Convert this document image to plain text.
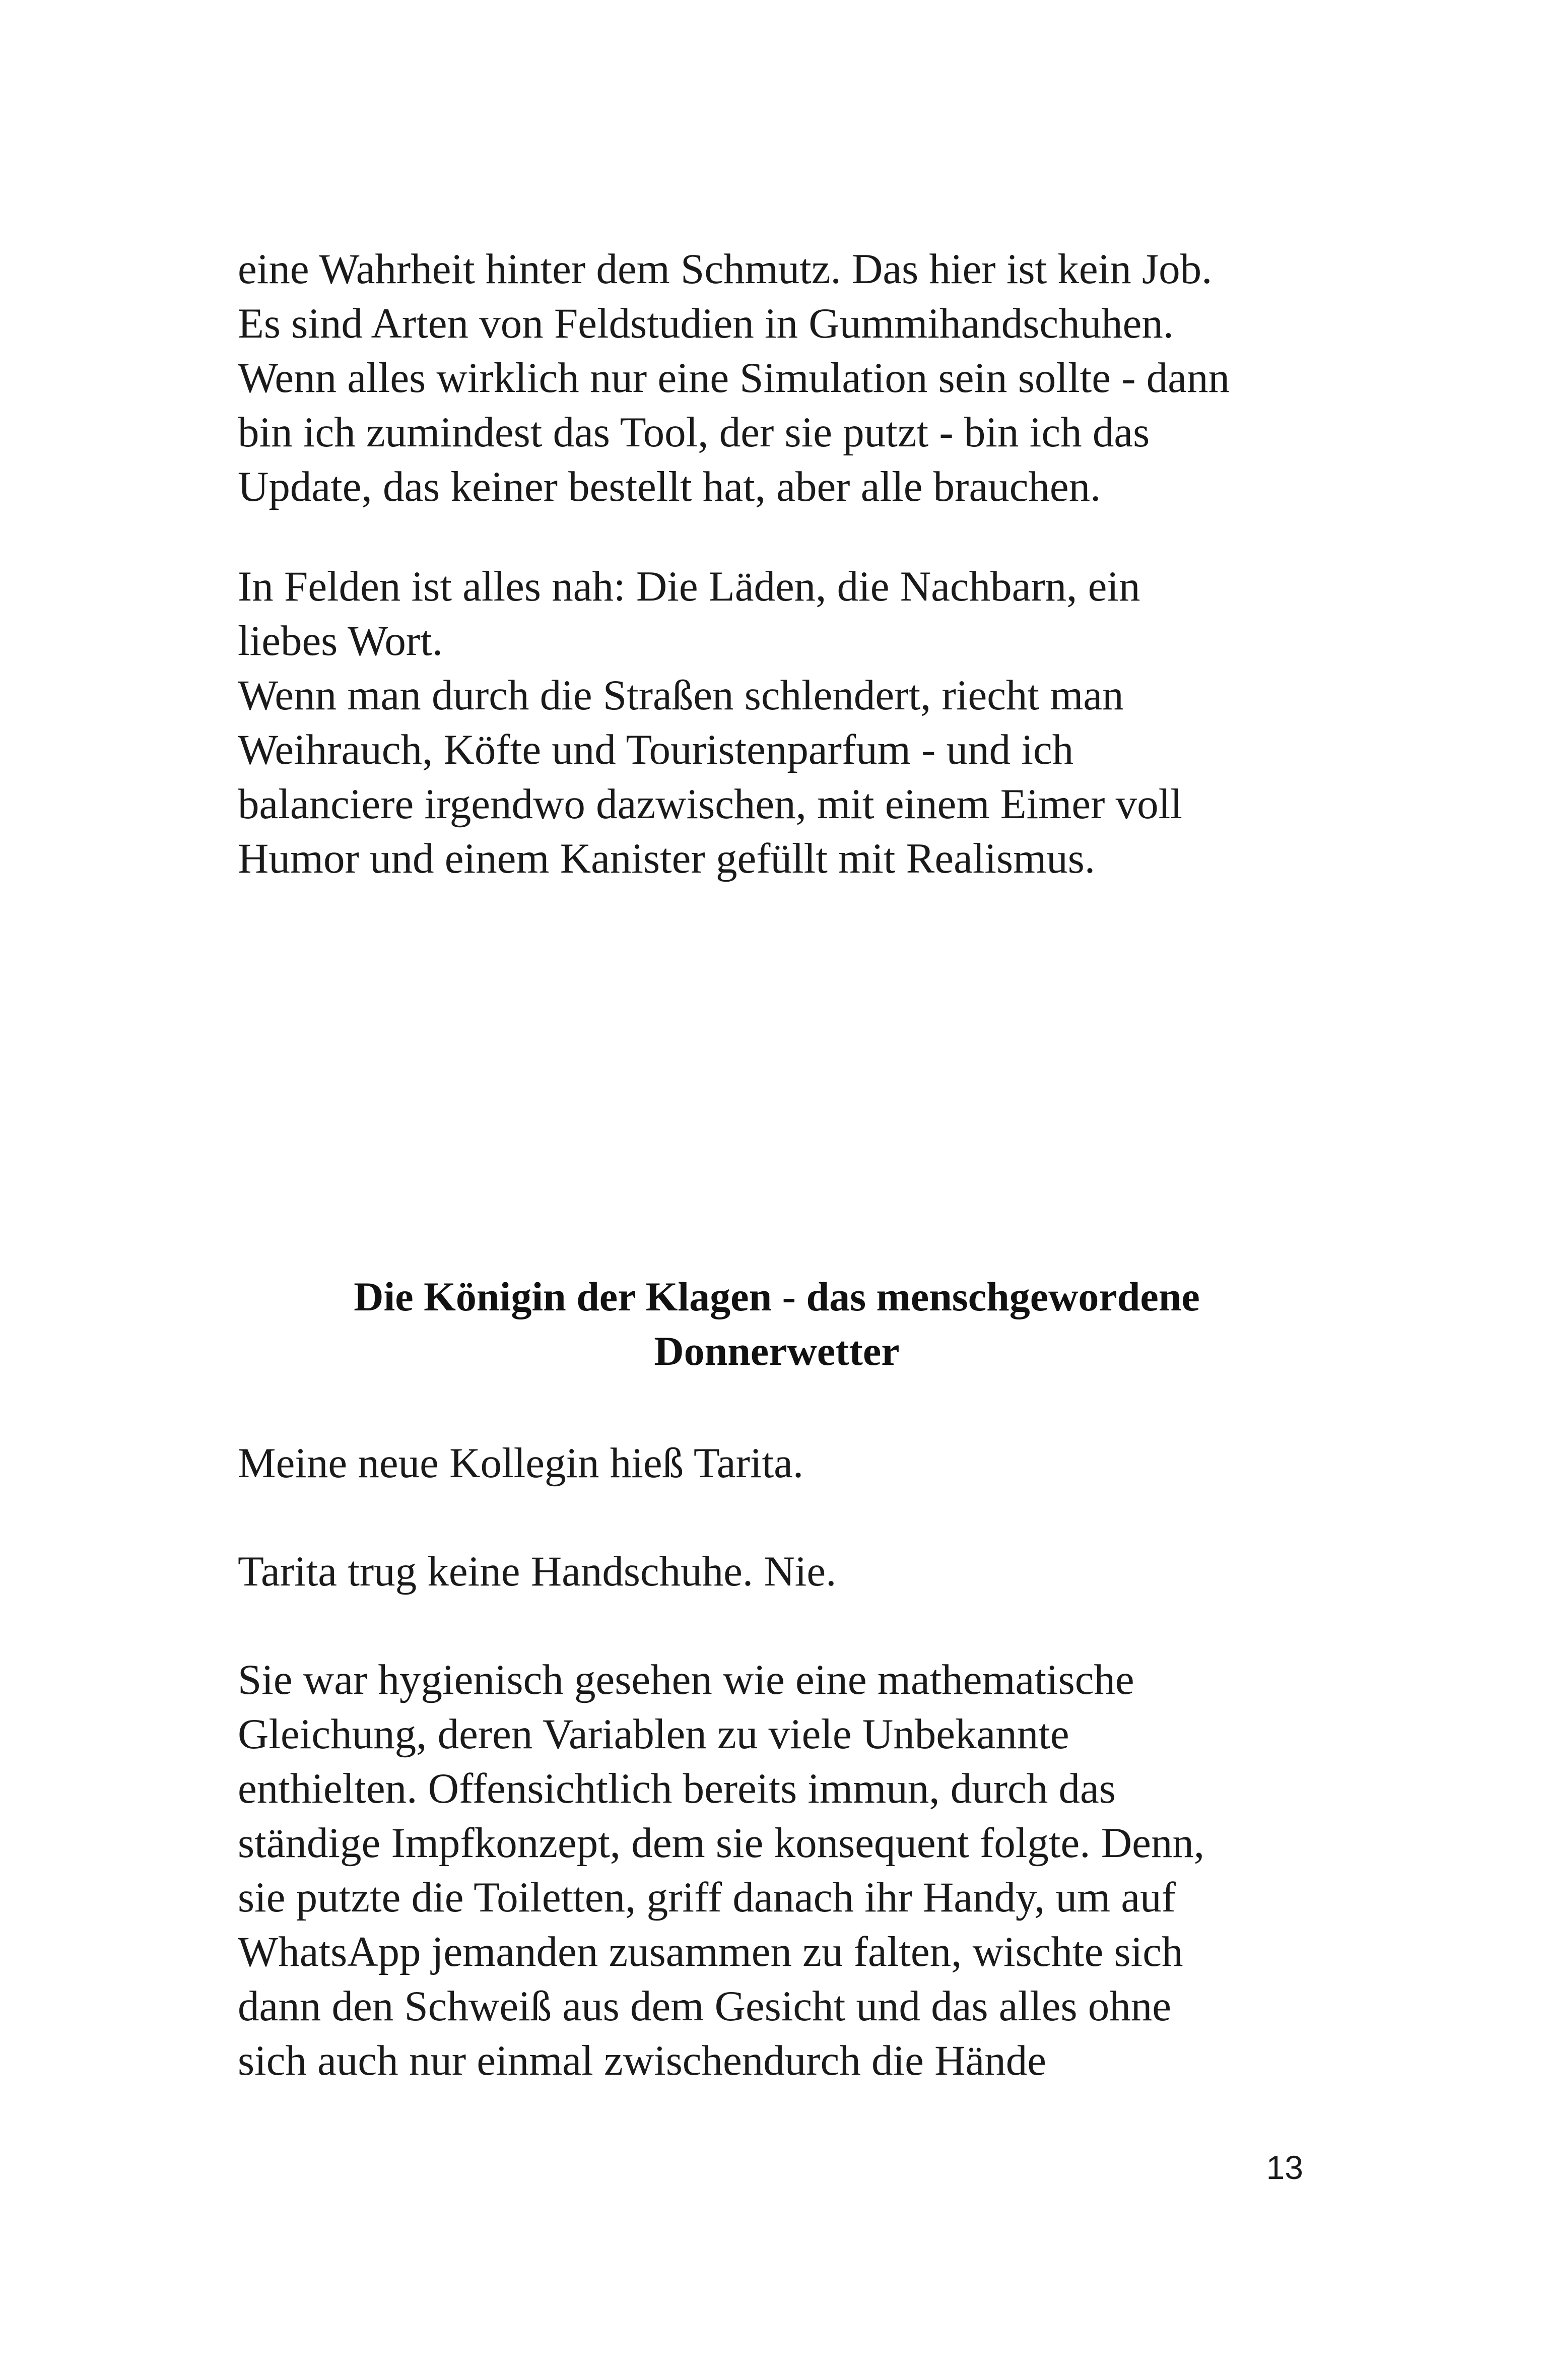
eine Wahrheit hinter dem Schmutz. Das hier ist kein Job.
Es sind Arten von Feldstudien in Gummihandschuhen.
Wenn alles wirklich nur eine Simulation sein sollte - dann
bin ich zumindest das Tool, der sie putzt - bin ich das
Update, das keiner bestellt hat, aber alle brauchen.
In Felden ist alles nah: Die Läden, die Nachbarn, ein
liebes Wort.
Wenn man durch die Straßen schlendert, riecht man
Weihrauch, Köfte und Touristenparfum - und ich
balanciere irgendwo dazwischen, mit einem Eimer voll
Humor und einem Kanister gefüllt mit Realismus.
Die Königin der Klagen - das menschgewordene
Donnerwetter
Meine neue Kollegin hieß Tarita.
Tarita trug keine Handschuhe. Nie.
Sie war hygienisch gesehen wie eine mathematische
Gleichung, deren Variablen zu viele Unbekannte
enthielten. Offensichtlich bereits immun, durch das
ständige Impfkonzept, dem sie konsequent folgte. Denn,
sie putzte die Toiletten, griff danach ihr Handy, um auf
WhatsApp jemanden zusammen zu falten, wischte sich
dann den Schweiß aus dem Gesicht und das alles ohne
sich auch nur einmal zwischendurch die Hände
13
